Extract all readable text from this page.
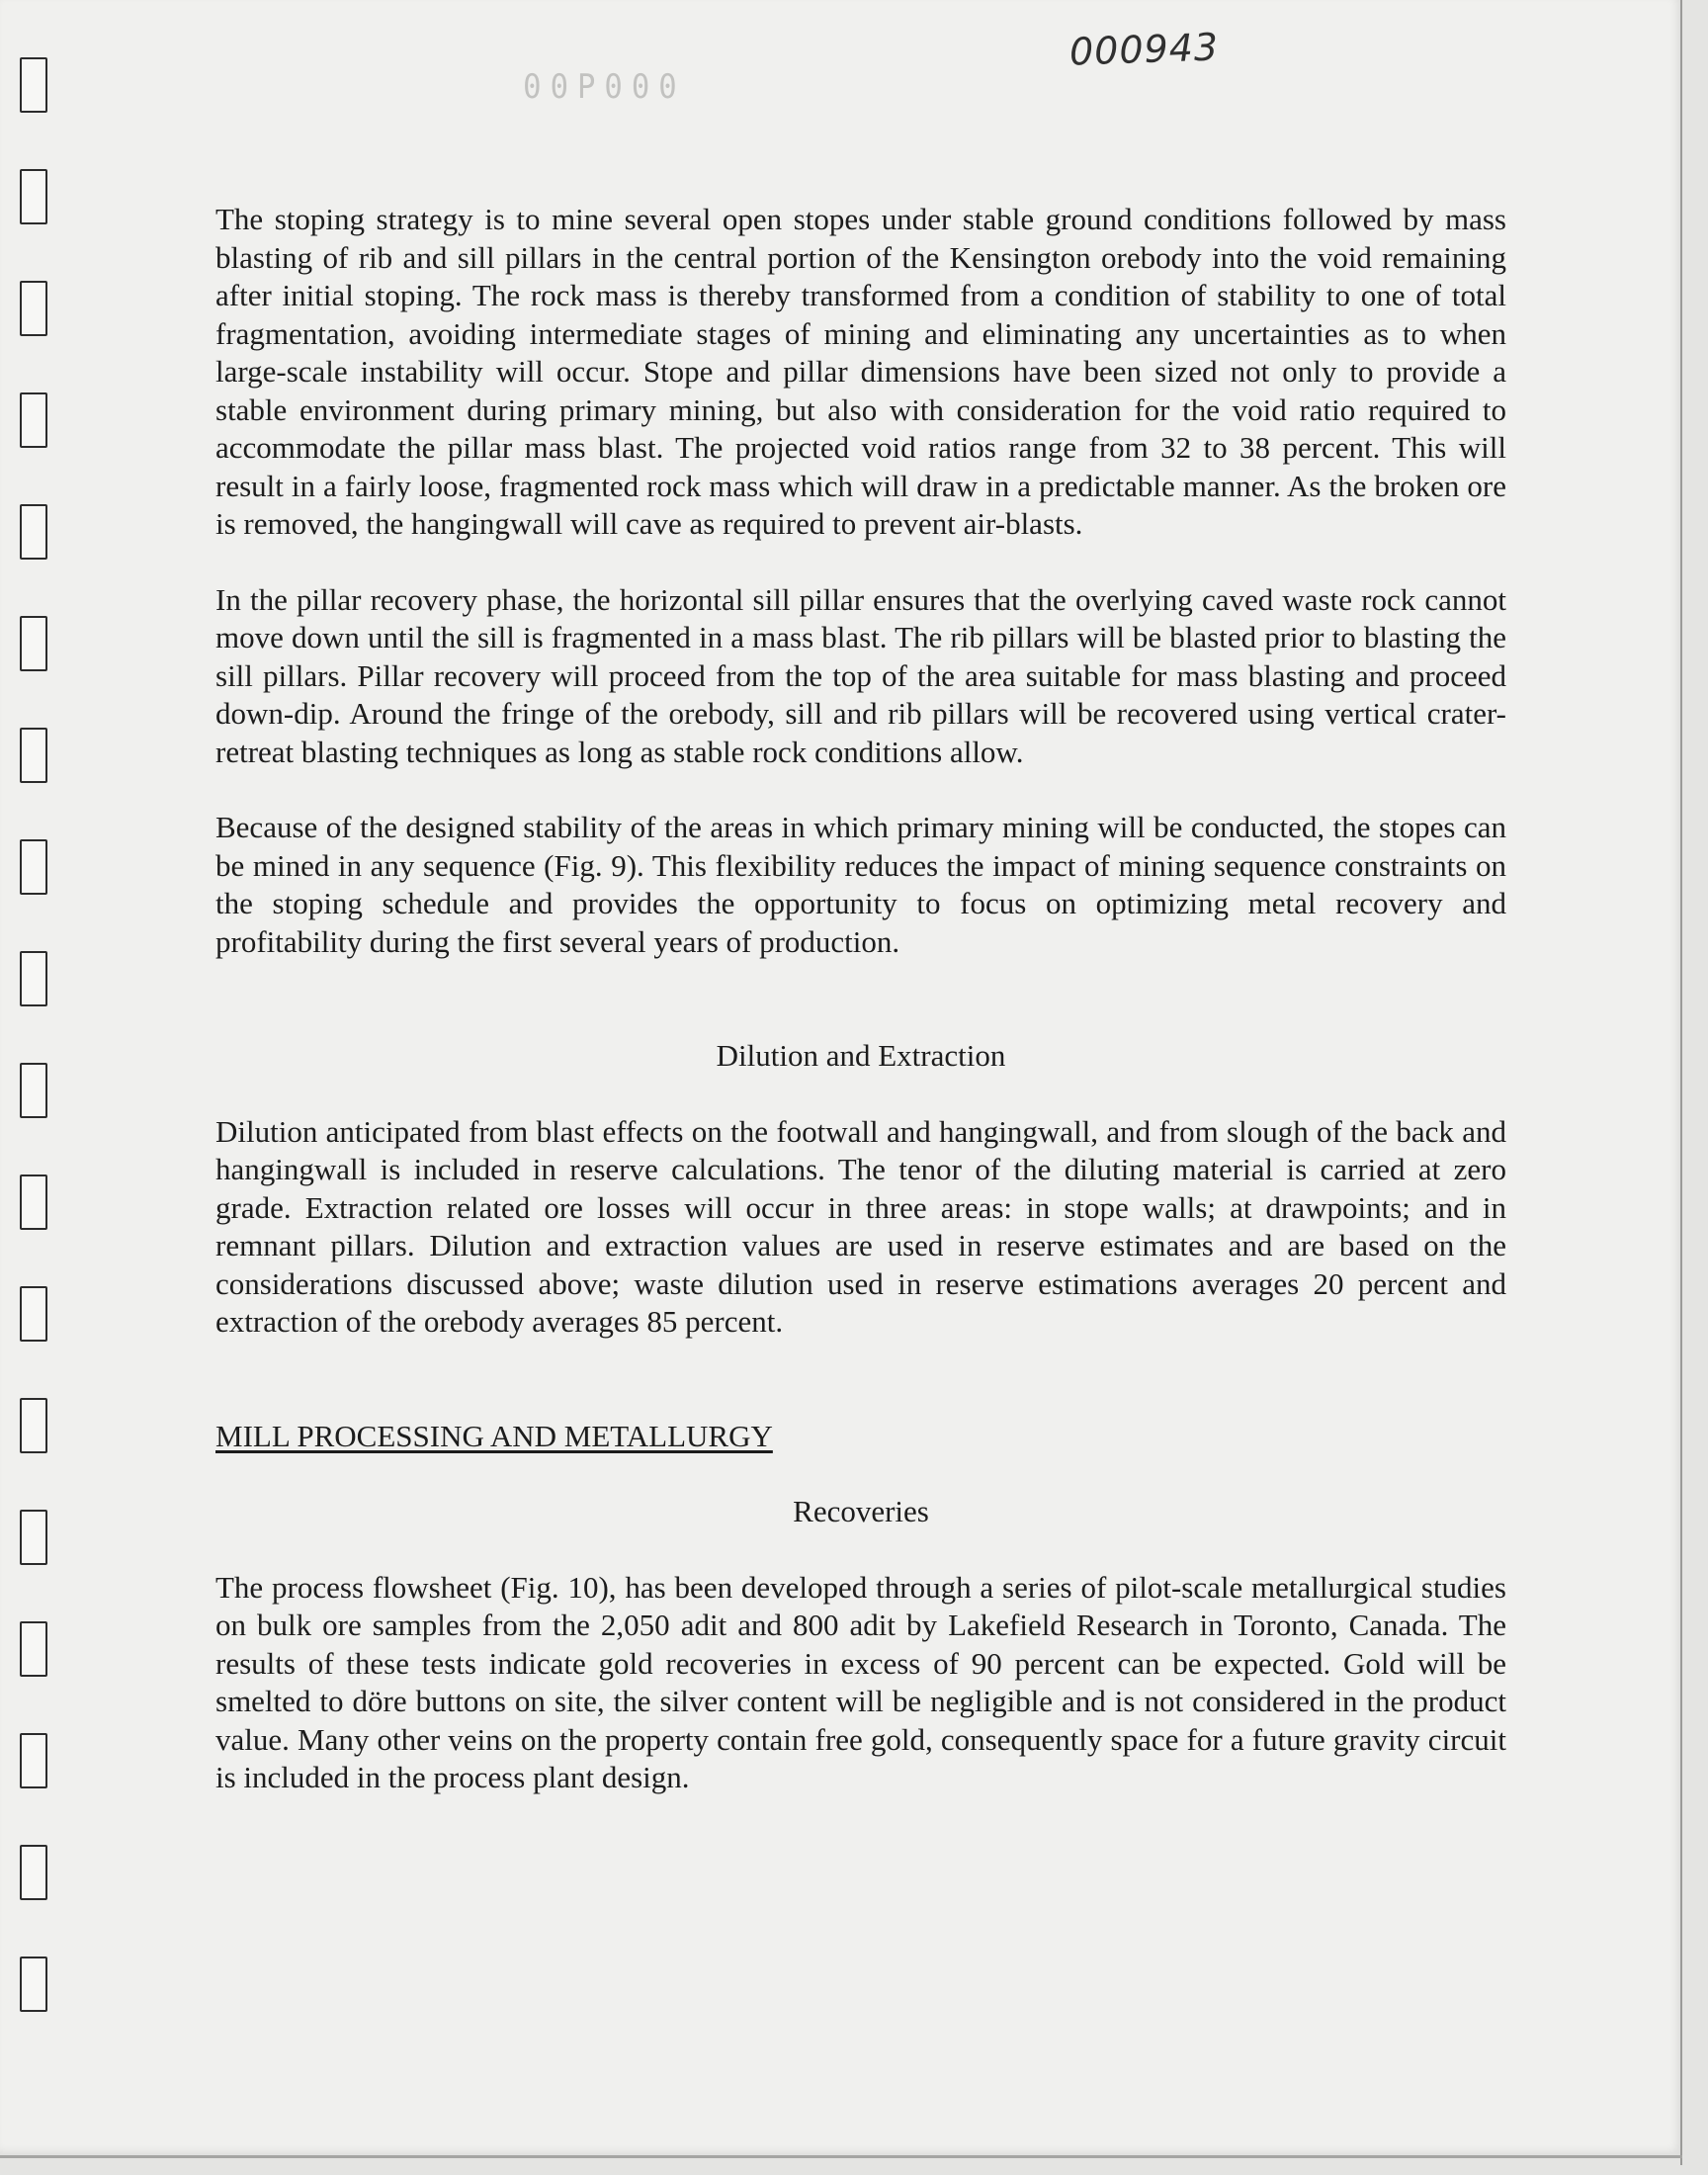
00P000
000943

The stoping strategy is to mine several open stopes under stable ground conditions followed by mass blasting of rib and sill pillars in the central portion of the Kensington orebody into the void remaining after initial stoping. The rock mass is thereby transformed from a condition of stability to one of total fragmentation, avoiding intermediate stages of mining and eliminating any uncertainties as to when large-scale instability will occur. Stope and pillar dimensions have been sized not only to provide a stable environment during primary mining, but also with consideration for the void ratio required to accommodate the pillar mass blast. The projected void ratios range from 32 to 38 percent. This will result in a fairly loose, fragmented rock mass which will draw in a predictable manner. As the broken ore is removed, the hangingwall will cave as required to prevent air-blasts.

In the pillar recovery phase, the horizontal sill pillar ensures that the overlying caved waste rock cannot move down until the sill is fragmented in a mass blast. The rib pillars will be blasted prior to blasting the sill pillars. Pillar recovery will proceed from the top of the area suitable for mass blasting and proceed down-dip. Around the fringe of the orebody, sill and rib pillars will be recovered using vertical crater-retreat blasting techniques as long as stable rock conditions allow.

Because of the designed stability of the areas in which primary mining will be conducted, the stopes can be mined in any sequence (Fig. 9). This flexibility reduces the impact of mining sequence constraints on the stoping schedule and provides the opportunity to focus on optimizing metal recovery and profitability during the first several years of production.

Dilution and Extraction

Dilution anticipated from blast effects on the footwall and hangingwall, and from slough of the back and hangingwall is included in reserve calculations. The tenor of the diluting material is carried at zero grade. Extraction related ore losses will occur in three areas: in stope walls; at drawpoints; and in remnant pillars. Dilution and extraction values are used in reserve estimates and are based on the considerations discussed above; waste dilution used in reserve estimations averages 20 percent and extraction of the orebody averages 85 percent.

MILL PROCESSING AND METALLURGY
Recoveries

The process flowsheet (Fig. 10), has been developed through a series of pilot-scale metallurgical studies on bulk ore samples from the 2,050 adit and 800 adit by Lakefield Research in Toronto, Canada. The results of these tests indicate gold recoveries in excess of 90 percent can be expected. Gold will be smelted to döre buttons on site, the silver content will be negligible and is not considered in the product value. Many other veins on the property contain free gold, consequently space for a future gravity circuit is included in the process plant design.
